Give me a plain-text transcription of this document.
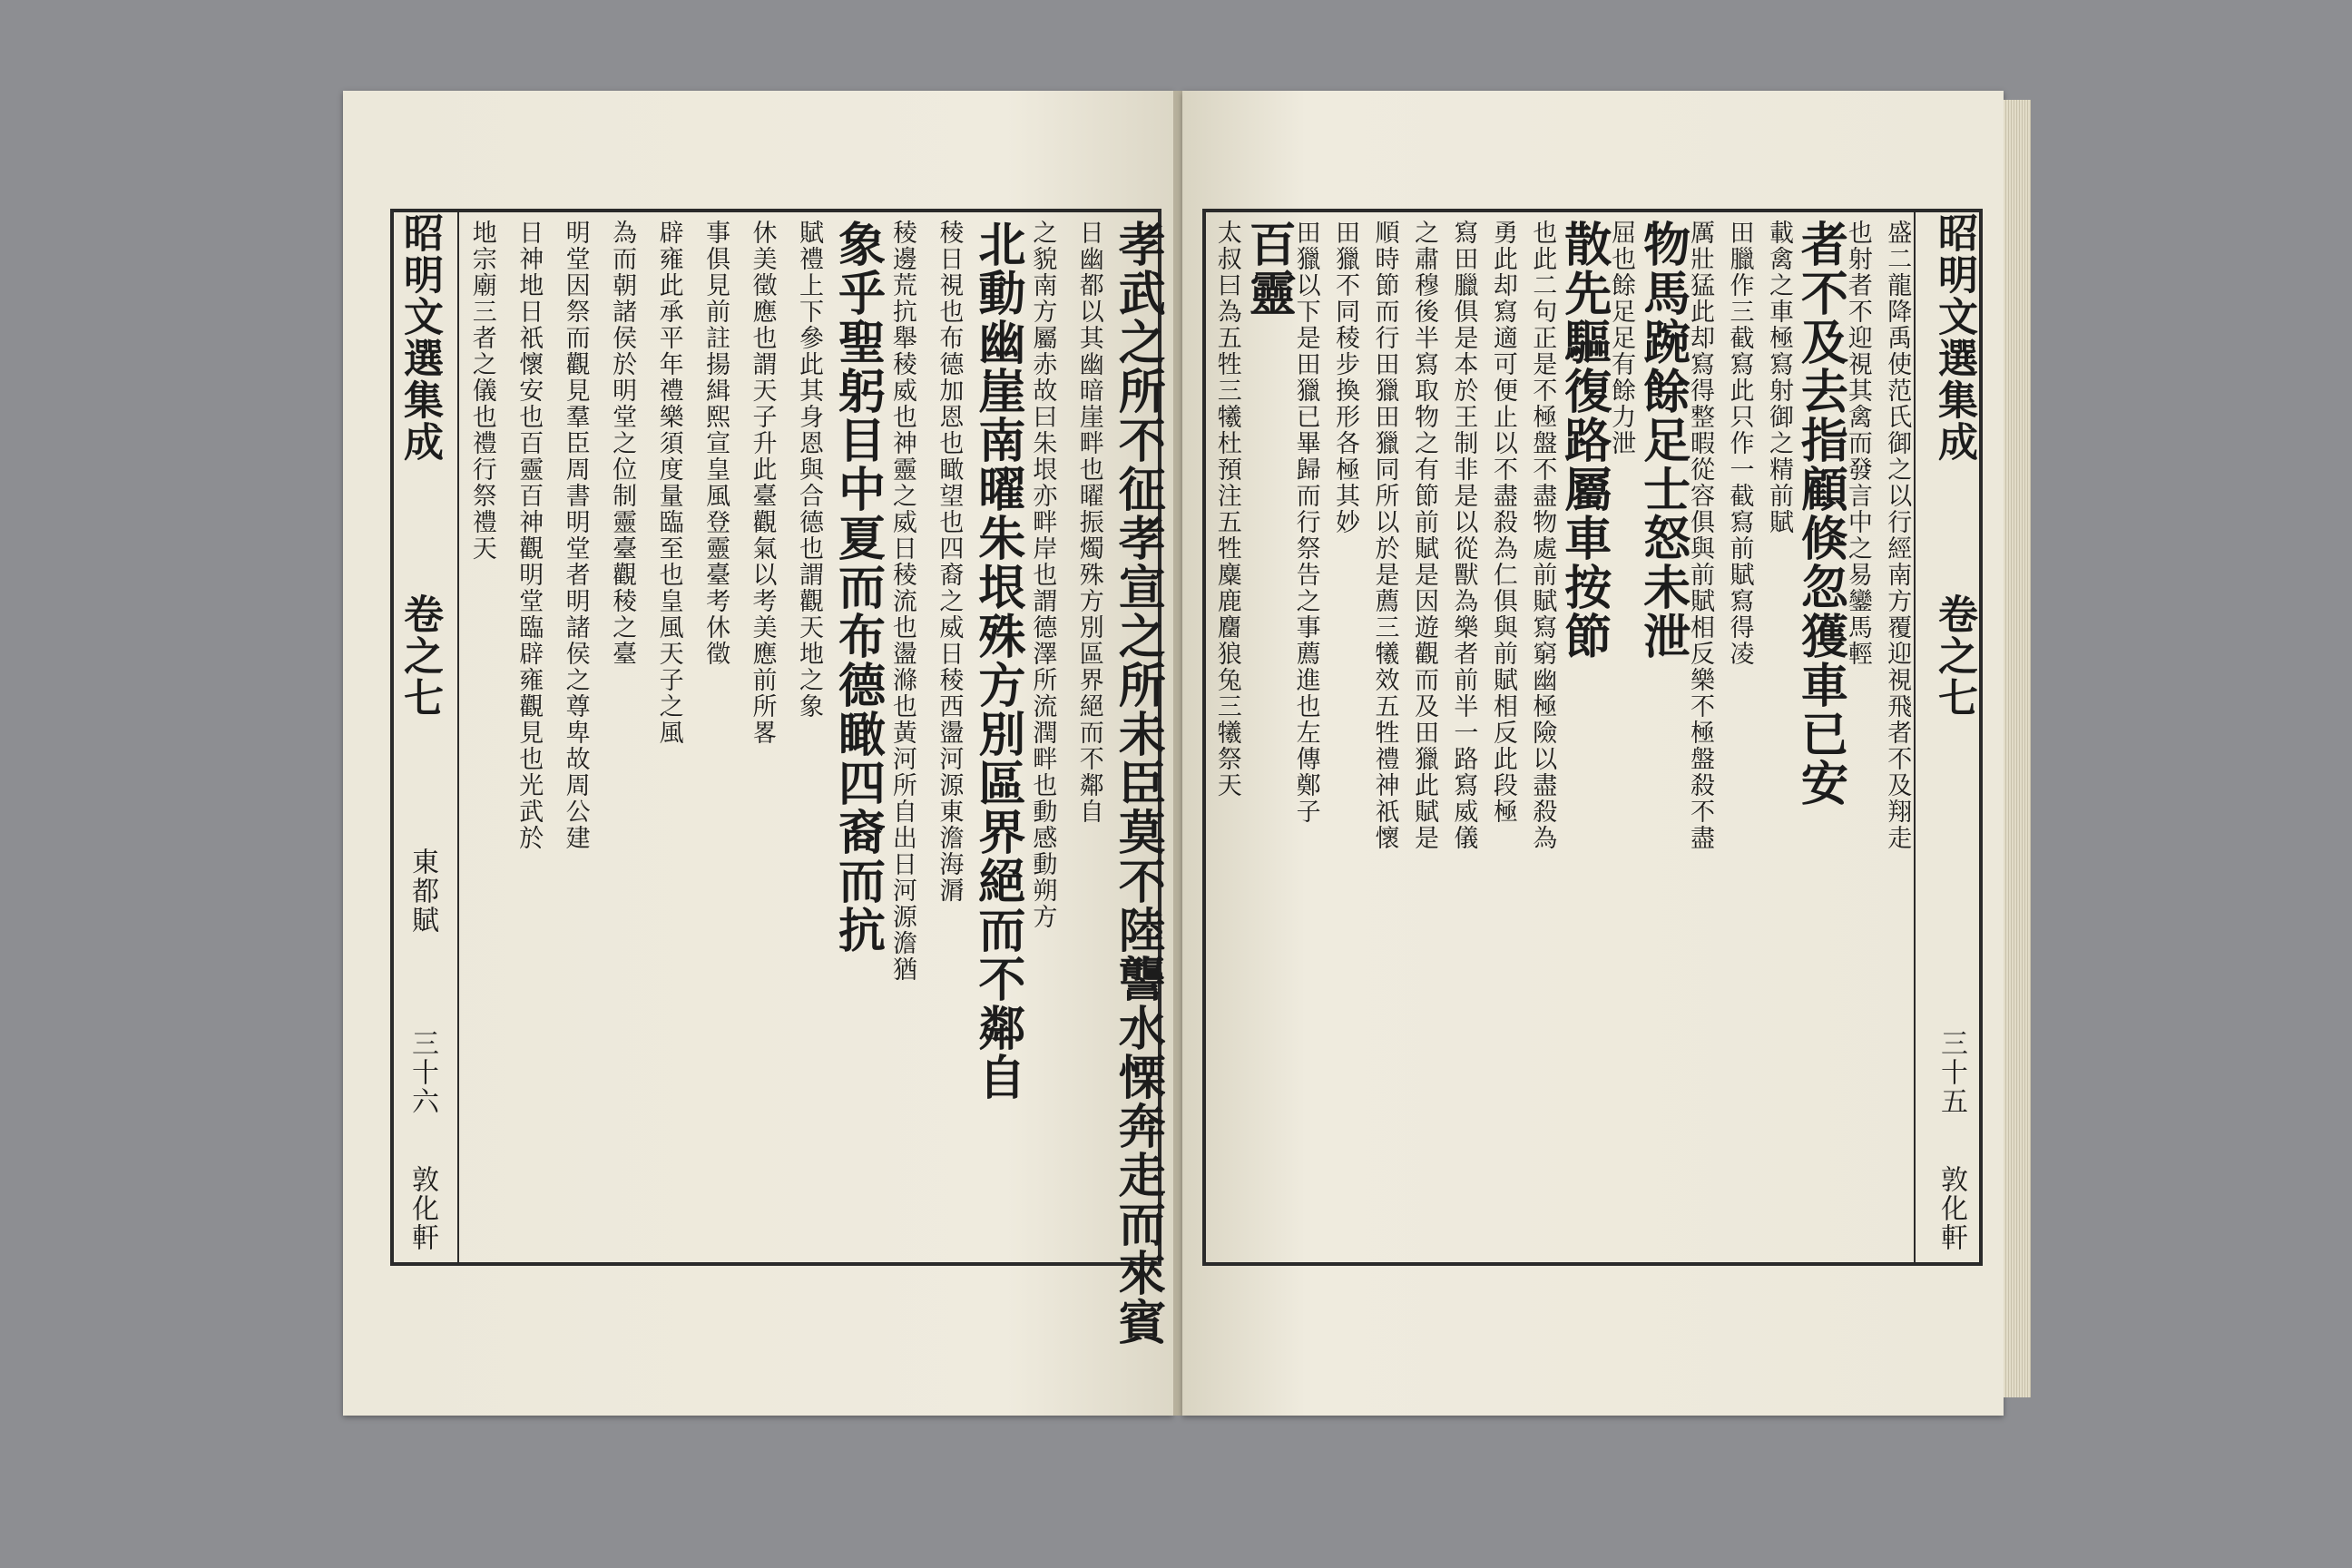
昭明文選集成
卷之七
敦化軒
三十六
東都賦	孝武之所不征孝宣之所未臣莫不陸讋水慄奔走而來賓
日幽都以其幽暗崖畔也曜振燭殊方別區界絕而不鄰自
之貌南方屬赤故曰朱垠亦畔岸也謂德澤所流潤畔也動感動朔方
北動幽崖南曜朱垠殊方別區界絕而不鄰自
稜日視也布德加恩也瞰望也四裔之威日稜西盪河源東澹海漘
稜邊荒抗舉稜威也神靈之威日稜流也盪滌也黃河所自出日河源澹猶
象乎聖躬目中夏而布德瞰四裔而抗
賦禮上下參此其身恩與合德也謂觀天地之象
休美徵應也謂天子升此臺觀氣以考美應前所畧
事俱見前註揚緝熙宣皇風登靈臺考休徵
辟雍此承平年禮樂須度量臨至也皇風天子之風
為而朝諸侯於明堂之位制靈臺觀稜之臺
明堂因祭而觀見羣臣周書明堂者明諸侯之尊卑故周公建
日神地日祇懷安也百靈百神觀明堂臨辟雍觀見也光武於
地宗廟三者之儀也禮行祭禮天	昭明文選集成
卷之七
敦化軒
三十五
盛二龍降禹使范氏御之以行經南方覆迎視飛者不及翔走
也射者不迎視其禽而發言中之易鑾馬輕
者不及去指顧倏忽獲車已安
載禽之車極寫射御之精前賦
田臘作三截寫此只作一截寫前賦寫得凌
厲壯猛此却寫得整暇從容俱與前賦相反樂不極盤殺不盡
物馬踠餘足士怒未泄
屈也餘足足有餘力泄
散先驅復路屬車按節
也此二句正是不極盤不盡物處前賦寫窮幽極險以盡殺為
勇此却寫適可便止以不盡殺為仁俱與前賦相反此段極
寫田臘俱是本於王制非是以從獸為樂者前半一路寫威儀
之肅穆後半寫取物之有節前賦是因遊觀而及田獵此賦是
順時節而行田獵田獵同所以於是薦三犧效五牲禮神祇懷
田獵不同稜步換形各極其妙
田獵以下是田獵已畢歸而行祭告之事薦進也左傳鄭子
百靈
太叔曰為五牲三犧杜預注五牲麋鹿麕狼兔三犧祭天
